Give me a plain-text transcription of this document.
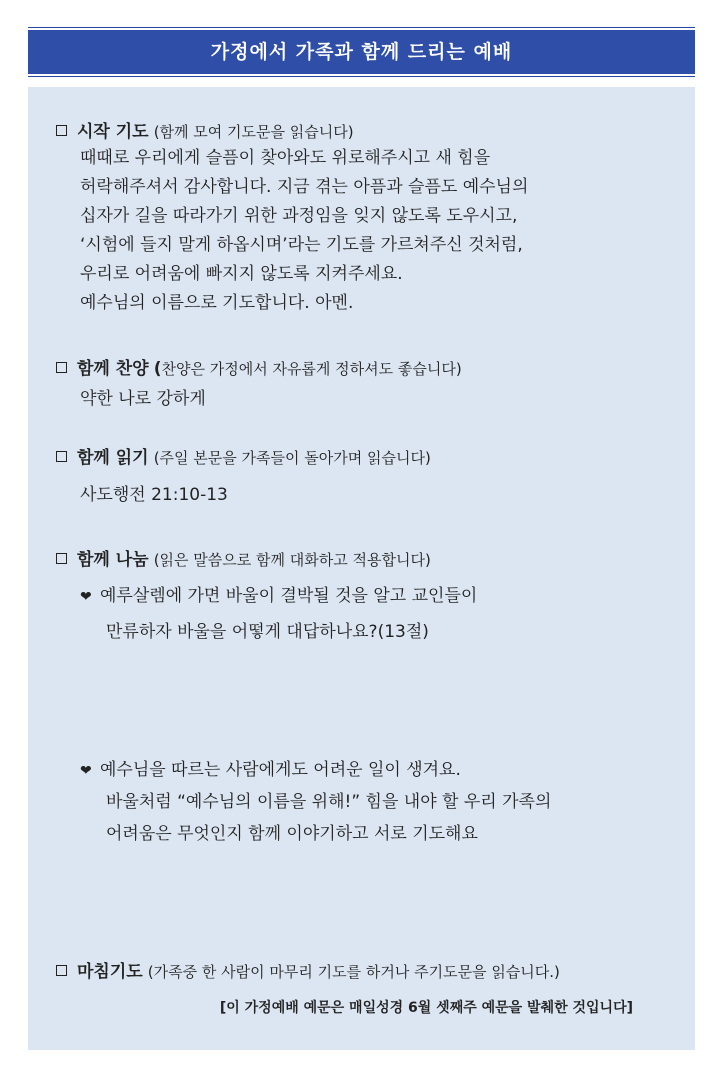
가정에서 가족과 함께 드리는 예배
시작 기도 (함께 모여 기도문을 읽습니다)
때때로 우리에게 슬픔이 찾아와도 위로해주시고 새 힘을
허락해주셔서 감사합니다. 지금 겪는 아픔과 슬픔도 예수님의
십자가 길을 따라가기 위한 과정임을 잊지 않도록 도우시고,
‘시험에 들지 말게 하옵시며’라는 기도를 가르쳐주신 것처럼,
우리로 어려움에 빠지지 않도록 지켜주세요.
예수님의 이름으로 기도합니다. 아멘.
함께 찬양 (찬양은 가정에서 자유롭게 정하셔도 좋습니다)
약한 나로 강하게
함께 읽기 (주일 본문을 가족들이 돌아가며 읽습니다)
사도행전 21:10-13
함께 나눔 (읽은 말씀으로 함께 대화하고 적용합니다)
❤ 예루살렘에 가면 바울이 결박될 것을 알고 교인들이
만류하자 바울을 어떻게 대답하나요?(13절)
❤ 예수님을 따르는 사람에게도 어려운 일이 생겨요.
바울처럼 “예수님의 이름을 위해!” 힘을 내야 할 우리 가족의
어려움은 무엇인지 함께 이야기하고 서로 기도해요
마침기도 (가족중 한 사람이 마무리 기도를 하거나 주기도문을 읽습니다.)
[이 가정예배 예문은 매일성경 6월 셋째주 예문을 발췌한 것입니다]
